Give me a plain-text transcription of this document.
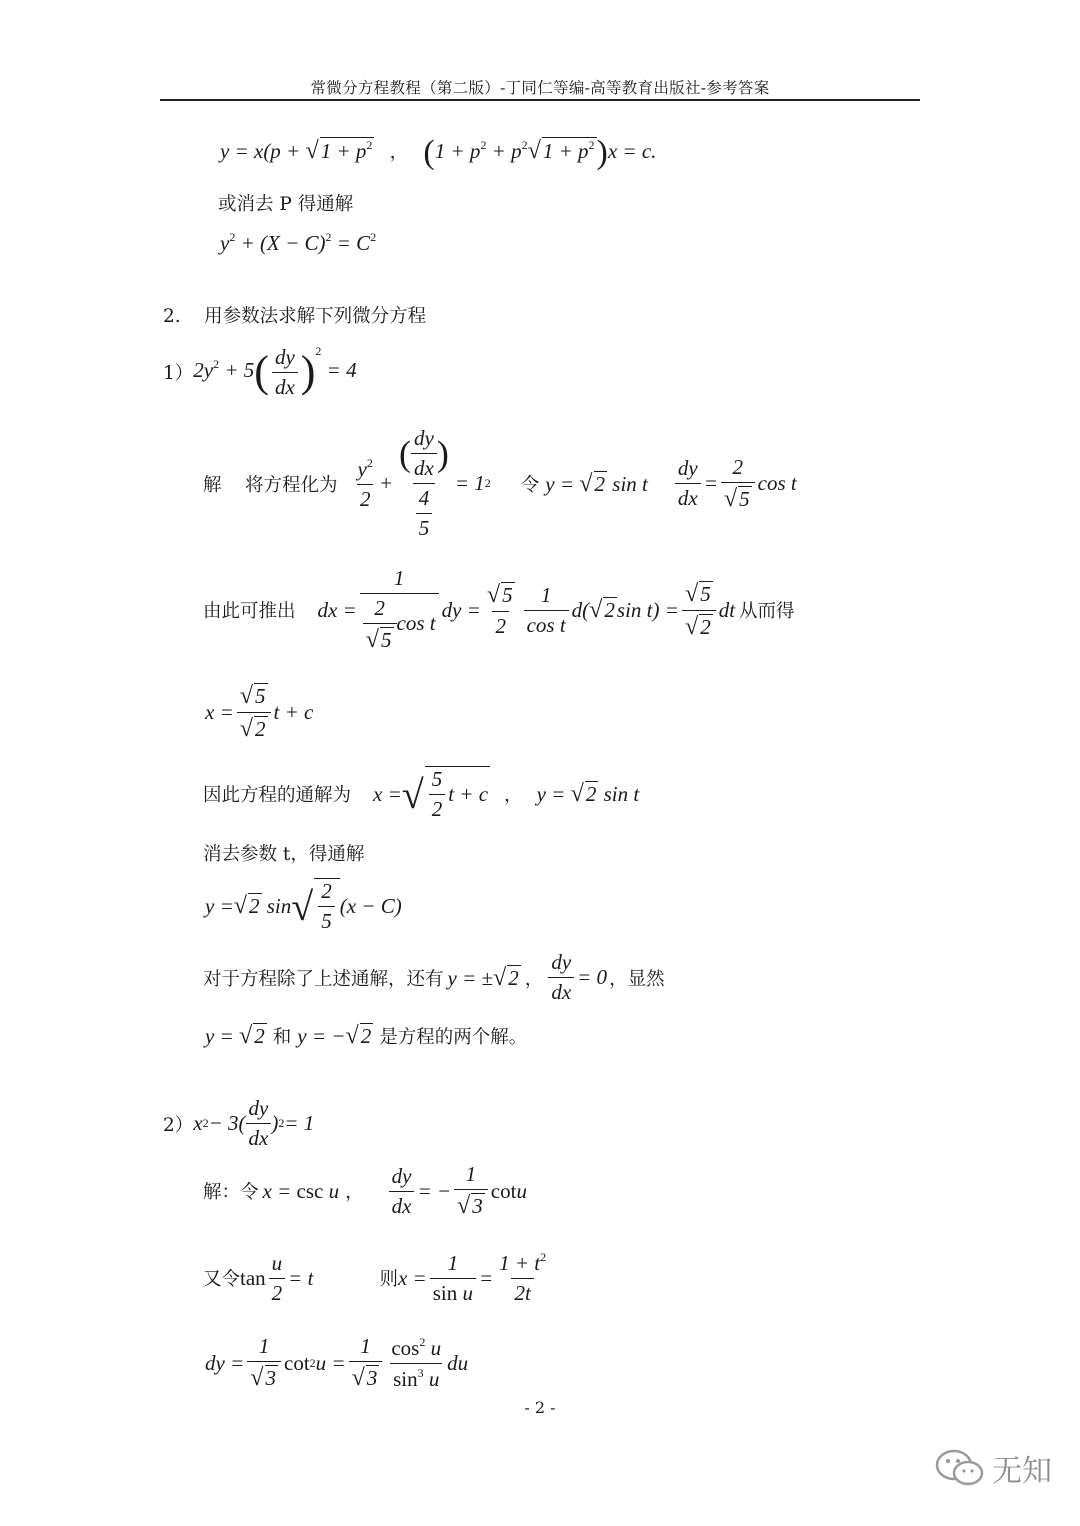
常微分方程教程（第二版）-丁同仁等编-高等教育出版社-参考答案
$y = x(p + √1 + p^2$ ， $(1 + p^2 + p^2√1 + p^2)x = c$.
或消去 P 得通解
$y^2 + (X - C)^2 = C^2$
2.    用参数法求解下列微分方程
1） $2y^2 + 5( \frac{dy}{dx} )^2 = 4$
解    将方程化为 $\frac{y^2}{2} + \frac{( \frac{dy}{dx} )}{\frac{4}{5}} = 1$ 2 令 y = √2 sin t $\frac{dy}{dx} = \frac{2}{√5}$ cos t
由此可推出 dx = $\frac{1}{\frac{2}{√5} \cos t}$ dy = $\frac{√5}{2} \frac{1}{\text{cos t}} d$( √ 2 $\sin t) = \frac{√5}{√2}$ dt 从而得
$x = \frac{√5}{√2}$ t + c
因此方程的通解为 x = √ $\frac{5}{2}$ t + c ， y = √2 sin t
消去参数 t，得通解
y = √ 2 sin √ $\frac{2}{5} (x - C)$
对于方程除了上述通解，还有 y = ±√2 ， $\frac{dy}{dx} = 0$ ，显然
y = √2 和 y = −√2 是方程的两个解。
2） x $2 - 3( \frac{dy}{dx}$ ) 2 = 1
解：令 x = csc u ， $\frac{dy}{dx}$ = − $\frac{1}{√3}$ cot u
又令 $\tan \frac{u}{2} = t$	则 $x = \frac{1}{\text{sin u}} = \frac{1 + t^2}{2t}$
dy = $\frac{1}{√3}$ cot 2 $u = \frac{1}{√3} \frac{\cos^2 u}{\sin^3 u}$ du
- 2 -
无知
